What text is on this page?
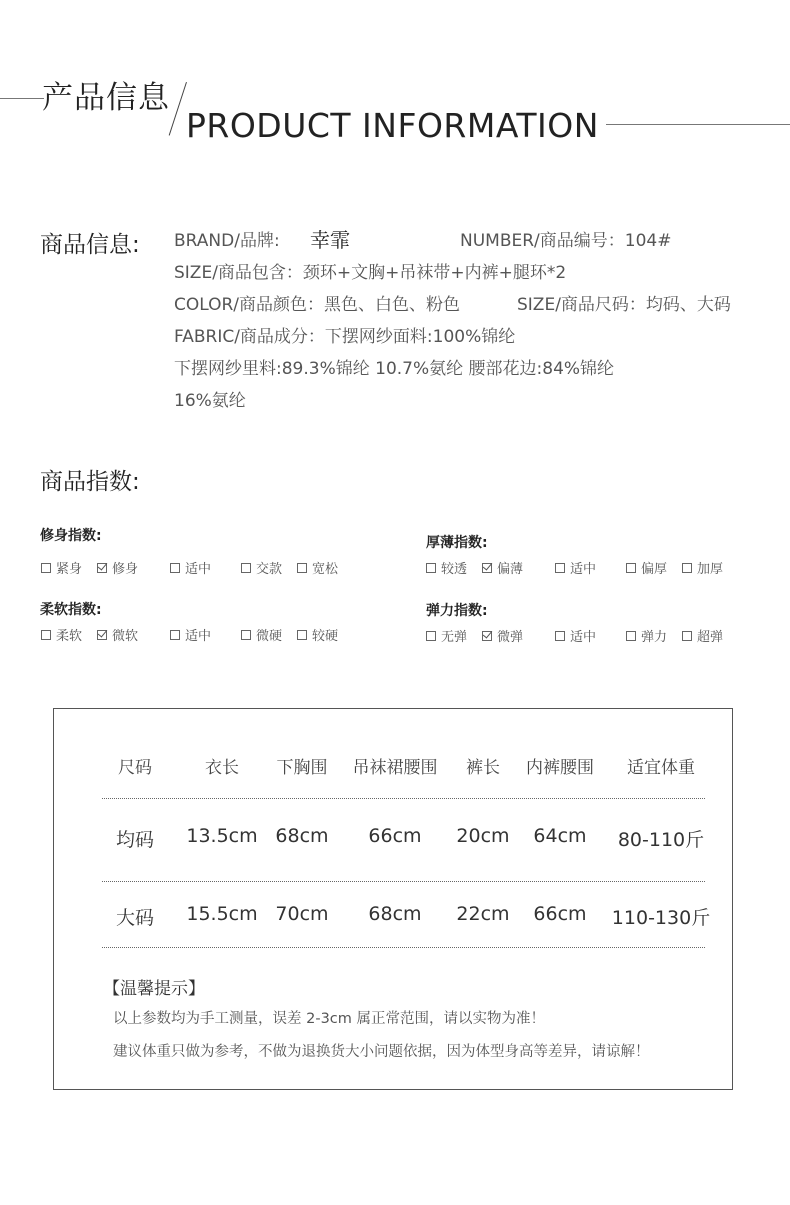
产品信息
PRODUCT INFORMATION
商品信息: BRAND/品牌: 幸霏	NUMBER/商品编号：104#
SIZE/商品包含：颈环+文胸+吊袜带+内裤+腿环*2
COLOR/商品颜色：黑色、白色、粉色	SIZE/商品尺码：均码、大码
FABRIC/商品成分：下摆网纱面料:100%锦纶
下摆网纱里料:89.3%锦纶 10.7%氨纶 腰部花边:84%锦纶
16%氨纶
商品指数:
修身指数:
紧身	修身	适中	交款	宽松
厚薄指数:
较透	偏薄	适中	偏厚	加厚
柔软指数:
柔软	微软	适中	微硬	较硬
弹力指数:
无弹	微弹	适中	弹力	超弹
尺码	衣长 下胸围 吊袜裙腰围 裤长 内裤腰围 适宜体重
均码 13.5cm 68cm 66cm 20cm 64cm 80-110斤
大码 15.5cm 70cm 68cm 22cm 66cm 110-130斤
【温馨提示】
以上参数均为手工测量，误差 2-3cm 属正常范围，请以实物为准！
建议体重只做为参考，不做为退换货大小问题依据，因为体型身高等差异，请谅解！
